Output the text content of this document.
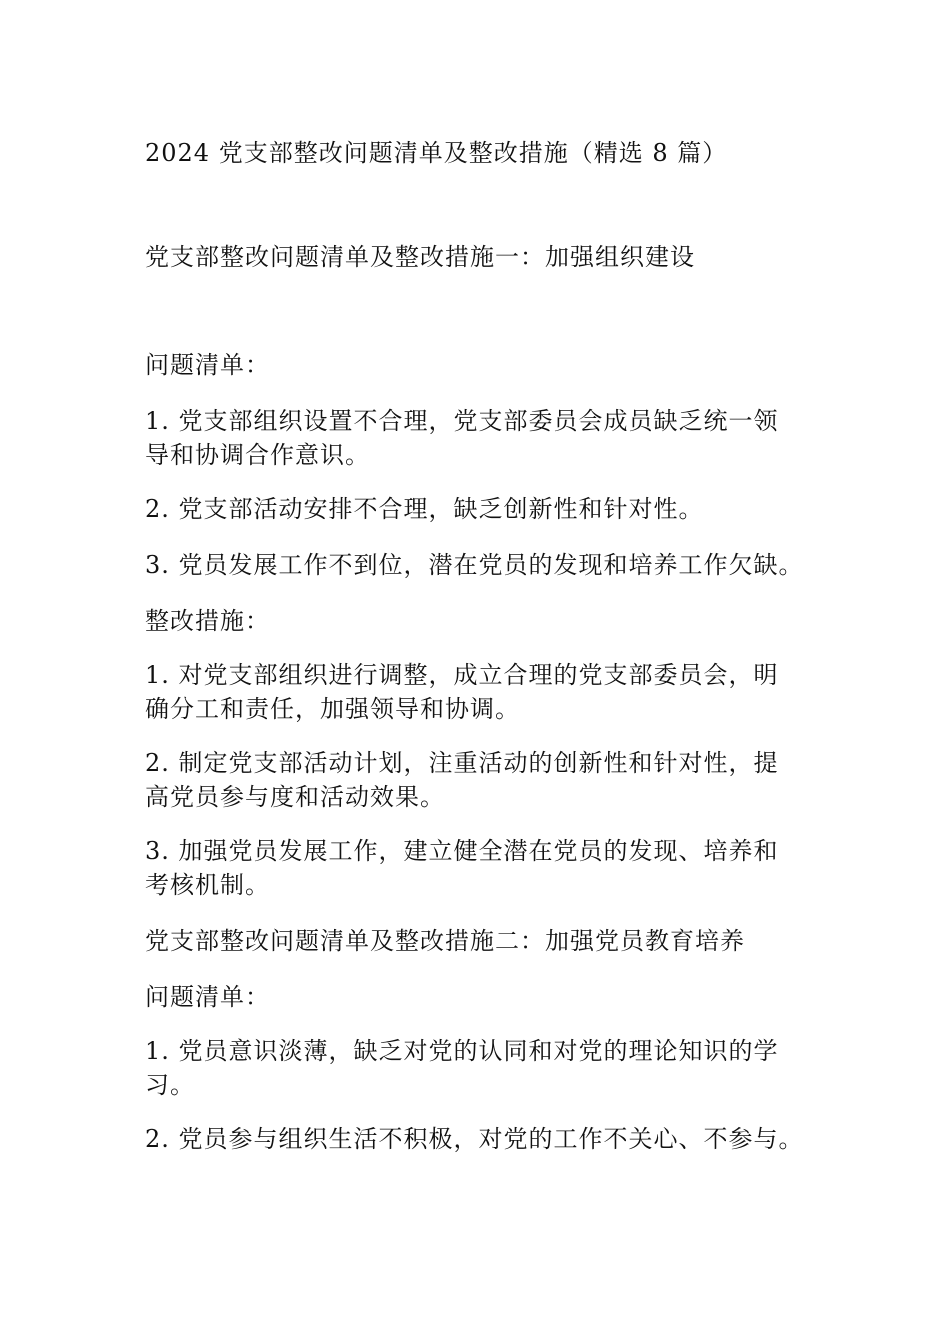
2024 党支部整改问题清单及整改措施（精选 8 篇）
党支部整改问题清单及整改措施一：加强组织建设
问题清单：
1. 党支部组织设置不合理，党支部委员会成员缺乏统一领
导和协调合作意识。
2. 党支部活动安排不合理，缺乏创新性和针对性。
3. 党员发展工作不到位，潜在党员的发现和培养工作欠缺。
整改措施：
1. 对党支部组织进行调整，成立合理的党支部委员会，明
确分工和责任，加强领导和协调。
2. 制定党支部活动计划，注重活动的创新性和针对性，提
高党员参与度和活动效果。
3. 加强党员发展工作，建立健全潜在党员的发现、培养和
考核机制。
党支部整改问题清单及整改措施二：加强党员教育培养
问题清单：
1. 党员意识淡薄，缺乏对党的认同和对党的理论知识的学
习。
2. 党员参与组织生活不积极，对党的工作不关心、不参与。
